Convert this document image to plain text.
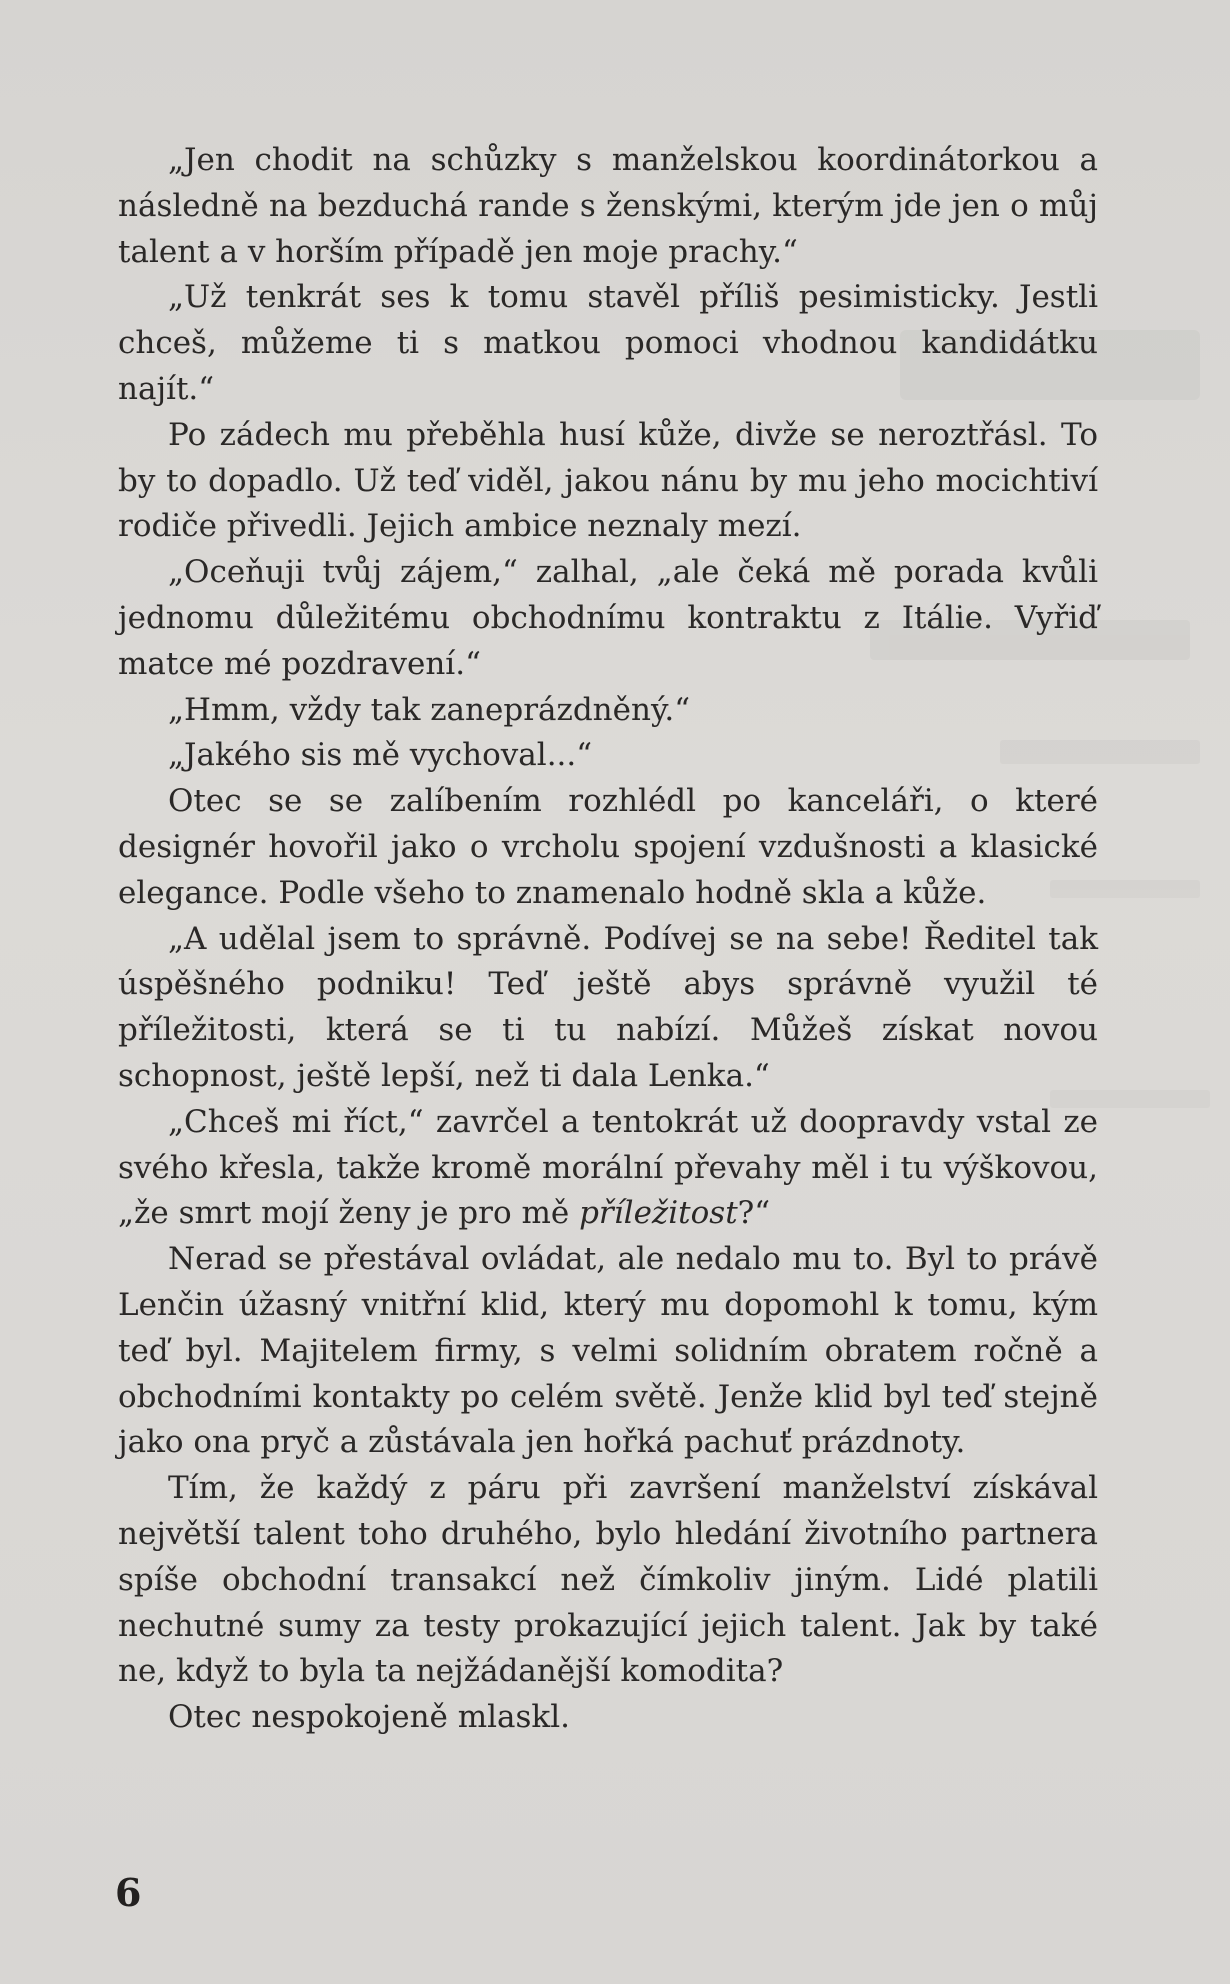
„Jen chodit na schůzky s manželskou koordinátorkou a následně na bezduchá rande s ženskými, kterým jde jen o můj talent a v horším případě jen moje prachy.“

„Už tenkrát ses k tomu stavěl příliš pesimisticky. Jestli chceš, můžeme ti s matkou pomoci vhodnou kandidátku najít.“

Po zádech mu přeběhla husí kůže, divže se neroztřásl. To by to dopadlo. Už teď viděl, jakou nánu by mu jeho mocichtiví rodiče přivedli. Jejich ambice neznaly mezí.

„Oceňuji tvůj zájem,“ zalhal, „ale čeká mě porada kvůli jednomu důležitému obchodnímu kontraktu z Itálie. Vyřiď matce mé pozdravení.“

„Hmm, vždy tak zaneprázdněný.“

„Jakého sis mě vychoval...“

Otec se se zalíbením rozhlédl po kanceláři, o které designér hovořil jako o vrcholu spojení vzdušnosti a klasické elegance. Podle všeho to znamenalo hodně skla a kůže.

„A udělal jsem to správně. Podívej se na sebe! Ředitel tak úspěšného podniku! Teď ještě abys správně využil té příležitosti, která se ti tu nabízí. Můžeš získat novou schopnost, ještě lepší, než ti dala Lenka.“

„Chceš mi říct,“ zavrčel a tentokrát už doopravdy vstal ze svého křesla, takže kromě morální převahy měl i tu výškovou, „že smrt mojí ženy je pro mě příležitost?“

Nerad se přestával ovládat, ale nedalo mu to. Byl to právě Lenčin úžasný vnitřní klid, který mu dopomohl k tomu, kým teď byl. Majitelem firmy, s velmi solidním obratem ročně a obchodními kontakty po celém světě. Jenže klid byl teď stejně jako ona pryč a zůstávala jen hořká pachuť prázdnoty.

Tím, že každý z páru při završení manželství získával největší talent toho druhého, bylo hledání životního partnera spíše obchodní transakcí než čímkoliv jiným. Lidé platili nechutné sumy za testy prokazující jejich talent. Jak by také ne, když to byla ta nejžádanější komodita?

Otec nespokojeně mlaskl.

6
